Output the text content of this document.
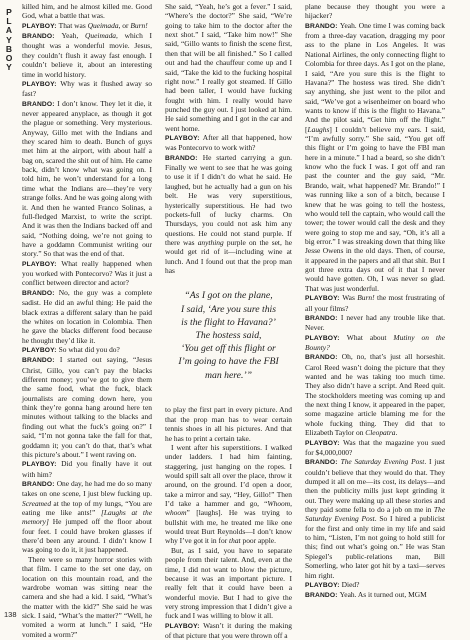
P
L
A
Y
B
O
Y

killed him, and he almost killed me. Good God, what a battle that was.

PLAYBOY: That was Queimada, or Burn!

BRANDO: Yeah, Queimada, which I thought was a wonderful movie. Jesus, they couldn’t flush it away fast enough. I couldn’t believe it, about an interesting time in world history.

PLAYBOY: Why was it flushed away so fast?

BRANDO: I don’t know. They let it die, it never appeared anyplace, as though it got the plague or something. Very mysterious. Anyway, Gillo met with the Indians and they scared him to death. Bunch of guys met him at the airport, with about half a bag on, scared the shit out of him. He came back, didn’t know what was going on. I told him, he won’t understand for a long time what the Indians are—they’re very strange folks. And he was going along with it. And then he wanted Franco Solinas, a full-fledged Marxist, to write the script. And it was then the Indians backed off and said, “Nothing doing, we’re not going to have a goddamn Communist writing our story.” So that was the end of that.

PLAYBOY: What really happened when you worked with Pontecorvo? Was it just a conflict between director and actor?

BRANDO: No, the guy was a complete sadist. He did an awful thing: He paid the black extras a different salary than he paid the whites on location in Colombia. Then he gave the blacks different food because he thought they’d like it.

PLAYBOY: So what did you do?

BRANDO: I started out saying, “Jesus Christ, Gillo, you can’t pay the blacks different money; you’ve got to give them the same food, what the fuck, black journalists are coming down here, you think they’re gonna hang around here ten minutes without talking to the blacks and finding out what the fuck’s going on?” I said, “I’m not gonna take the fall for that, goddamn it; you can’t do that, that’s what this picture’s about.” I went raving on.

PLAYBOY: Did you finally have it out with him?

BRANDO: One day, he had me do so many takes on one scene, I just blew fucking up. Screamed at the top of my lungs, “You are eating me like ants!” [Laughs at the memory] He jumped off the floor about four feet. I could have broken glasses if there’d been any around. I didn’t know I was going to do it, it just happened.

There were so many horror stories with that film. I came to the set one day, on location on this mountain road, and the wardrobe woman was sitting near the camera and she had a kid. I said, “What’s the matter with the kid?” She said he was sick. I said, “What’s the matter?” “Well, he vomited a worm at lunch.” I said, “He vomited a worm?”

She said, “Yeah, he’s got a fever.” I said, “Where’s the doctor?” She said, “We’re going to take him to the doctor after the next shot.” I said, “Take him now!” She said, “Gillo wants to finish the scene first, then that will be all finished.” So I called out and had the chauffeur come up and I said, “Take the kid to the fucking hospital right now.” I really got steamed. If Gillo had been taller, I would have fucking fought with him. I really would have punched the guy out. I just looked at him. He said something and I got in the car and went home.

PLAYBOY: After all that happened, how was Pontecorvo to work with?

BRANDO: He started carrying a gun. Finally we went to see that he was going to use it if I didn’t do what he said. He laughed, but he actually had a gun on his belt. He was very superstitious, hysterically superstitious. He had two pockets-full of lucky charms. On Thursdays, you could not ask him any questions. He could not stand purple. If there was anything purple on the set, he would get rid of it—including wine at lunch. And I found out that the prop man has

“As I got on the plane,

I said, ‘Are you sure this

is the flight to Havana?’

The hostess said,

‘You get off this flight or

I’m going to have the FBI

man here.’”

to play the first part in every picture. And that the prop man has to wear certain tennis shoes in all his pictures. And that he has to print a certain take.

I went after his superstitions. I walked under ladders. I had him fainting, staggering, just hanging on the ropes. I would spill salt all over the place, throw it around, on the ground. I’d open a door, take a mirror and say, “Hey, Gillo!” Then I’d take a hammer and go, “Whoom, whoom” [laughs]. He was trying to bullshit with me, he treated me like one would treat Burt Reynolds—I don’t know why I’ve got it in for that poor apple.

But, as I said, you have to separate people from their talent. And, even at the time, I did not want to blow the picture, because it was an important picture. I really felt that it could have been a wonderful movie. But I had to give the very strong impression that I didn’t give a fuck and I was willing to blow it all.

PLAYBOY: Wasn’t it during the making of that picture that you were thrown off a

plane because they thought you were a hijacker?

BRANDO: Yeah. One time I was coming back from a three-day vacation, dragging my poor ass to the plane in Los Angeles. It was National Airlines, the only connecting flight to Colombia for three days. As I got on the plane, I said, “Are you sure this is the flight to Havana?” The hostess was tired. She didn’t say anything, she just went to the pilot and said, “We’ve got a wisenheimer on board who wants to know if this is the flight to Havana.” And the pilot said, “Get him off the flight.” [Laughs] I couldn’t believe my ears. I said, “I’m awfully sorry.” She said, “You get off this flight or I’m going to have the FBI man here in a minute.” I had a beard, so she didn’t know who the fuck I was. I got off and ran past the counter and the guy said, “Mr. Brando, wait, what happened? Mr. Brando!” I was running like a son of a bitch, because I knew that he was going to tell the hostess, who would tell the captain, who would call the tower; the tower would call the desk and they were going to stop me and say, “Oh, it’s all a big error.” I was streaking down that thing like Jesse Owens in the old days. Then, of course, it appeared in the papers and all that shit. But I got three extra days out of it that I never would have gotten. Oh, I was never so glad. That was just wonderful.

PLAYBOY: Was Burn! the most frustrating of all your films?

BRANDO: I never had any trouble like that. Never.

PLAYBOY: What about Mutiny on the Bounty?

BRANDO: Oh, no, that’s just all horseshit. Carol Reed wasn’t doing the picture that they wanted and he was taking too much time. They also didn’t have a script. And Reed quit. The stockholders meeting was coming up and the next thing I know, it appeared in the paper, some magazine article blaming me for the whole fucking thing. They did that to Elizabeth Taylor on Cleopatra.

PLAYBOY: Was that the magazine you sued for $4,000,000?

BRANDO: The Saturday Evening Post. I just couldn’t believe that they would do that. They dumped it all on me—its cost, its delays—and then the publicity mills just kept grinding it out. They were making up all these stories and they paid some fella to do a job on me in The Saturday Evening Post. So I hired a publicist for the first and only time in my life and said to him, “Listen, I’m not going to hold still for this; find out what’s going on.” He was Stan Spiegel’s public-relations man, Bill Somerling, who later got hit by a taxi—serves him right.

PLAYBOY: Died?

BRANDO: Yeah. As it turned out, MGM

138
